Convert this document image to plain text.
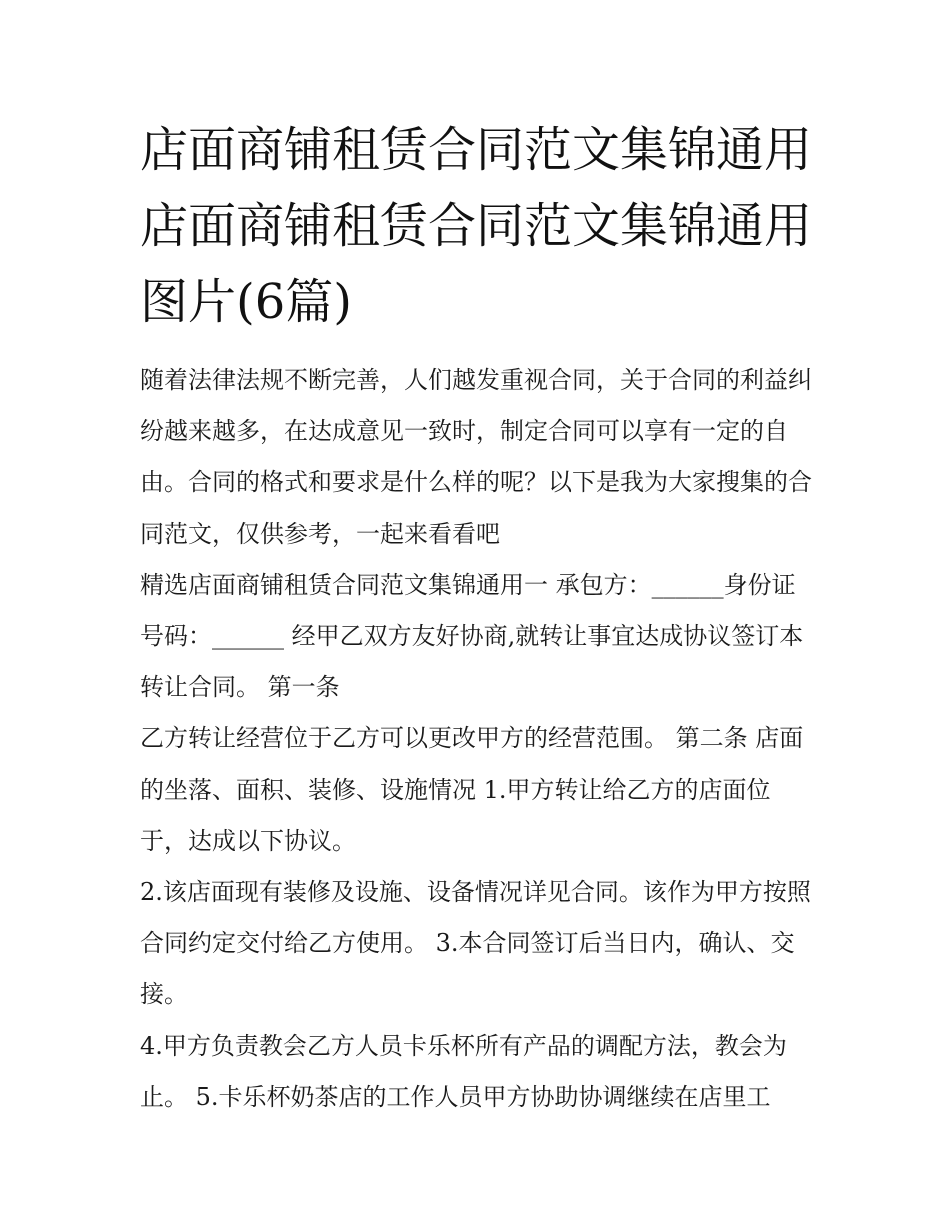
店面商铺租赁合同范文集锦通用 店面商铺租赁合同范文集锦通用图片(6篇)

随着法律法规不断完善，人们越发重视合同，关于合同的利益纠纷越来越多，在达成意见一致时，制定合同可以享有一定的自由。合同的格式和要求是什么样的呢？以下是我为大家搜集的合同范文，仅供参考，一起来看看吧

精选店面商铺租赁合同范文集锦通用一 承包方：______身份证号码：______ 经甲乙双方友好协商,就转让事宜达成协议签订本转让合同。 第一条

乙方转让经营位于乙方可以更改甲方的经营范围。 第二条 店面的坐落、面积、装修、设施情况 1.甲方转让给乙方的店面位于，达成以下协议。

2.该店面现有装修及设施、设备情况详见合同。该作为甲方按照合同约定交付给乙方使用。 3.本合同签订后当日内，确认、交接。

4.甲方负责教会乙方人员卡乐杯所有产品的调配方法，教会为止。 5.卡乐杯奶茶店的工作人员甲方协助协调继续在店里工
